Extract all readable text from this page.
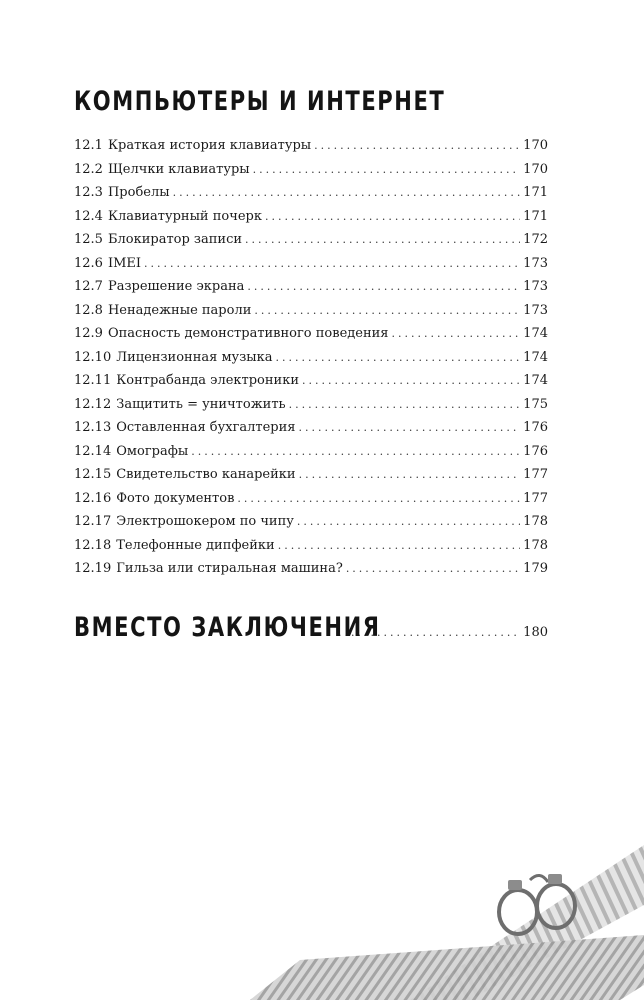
КОМПЬЮТЕРЫ И ИНТЕРНЕТ
12.1 Краткая история клавиатуры .....	170
12.2 Щелчки клавиатуры .....	170
12.3 Пробелы .....	171
12.4 Клавиатурный почерк .....	171
12.5 Блокиратор записи .....	172
12.6 IMEI .....	173
12.7 Разрешение экрана .....	173
12.8 Ненадежные пароли .....	173
12.9 Опасность демонстративного поведения .....	174
12.10 Лицензионная музыка .....	174
12.11 Контрабанда электроники .....	174
12.12 Защитить = уничтожить .....	175
12.13 Оставленная бухгалтерия .....	176
12.14 Омографы .....	176
12.15 Свидетельство канарейки .....	177
12.16 Фото документов .....	177
12.17 Электрошокером по чипу .....	178
12.18 Телефонные дипфейки .....	178
12.19 Гильза или стиральная машина? .....	179
ВМЕСТО ЗАКЛЮЧЕНИЯ .....	180
